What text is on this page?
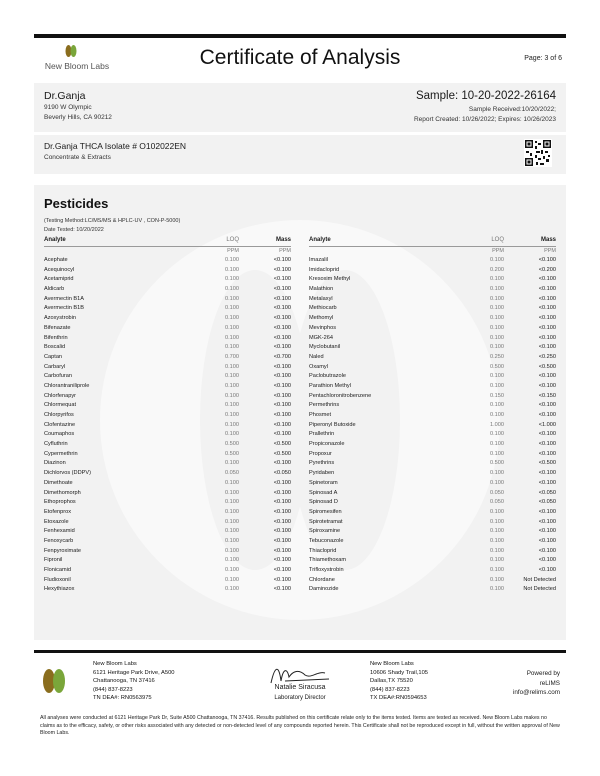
New Bloom Labs	Certificate of Analysis	Page: 3 of 6
Dr.Ganja
9190 W Olympic
Beverly Hills, CA 90212
Sample: 10-20-2022-26164
Sample Received:10/20/2022;
Report Created: 10/26/2022; Expires: 10/26/2023
Dr.Ganja THCA Isolate # O102022EN
Concentrate & Extracts
Pesticides
(Testing Method:LC/MS/MS & HPLC-UV , CON-P-5000)
Date Tested: 10/20/2022
Analyte	LOQ	Mass
PPM	PPM
Acephate	0.100	<0.100
Acequinocyl	0.100	<0.100
Acetamiprid	0.100	<0.100
Aldicarb	0.100	<0.100
Avermectin B1A	0.100	<0.100
Avermectin B1B	0.100	<0.100
Azoxystrobin	0.100	<0.100
Bifenazate	0.100	<0.100
Bifenthrin	0.100	<0.100
Boscalid	0.100	<0.100
Captan	0.700	<0.700
Carbaryl	0.100	<0.100
Carbofuran	0.100	<0.100
Chlorantraniliprole	0.100	<0.100
Chlorfenapyr	0.100	<0.100
Chlormequat	0.100	<0.100
Chlorpyrifos	0.100	<0.100
Clofentazine	0.100	<0.100
Coumaphos	0.100	<0.100
Cyfluthrin	0.500	<0.500
Cypermethrin	0.500	<0.500
Diazinon	0.100	<0.100
Dichlorvos (DDPV)	0.050	<0.050
Dimethoate	0.100	<0.100
Dimethomorph	0.100	<0.100
Ethoprophos	0.100	<0.100
Etofenprox	0.100	<0.100
Etoxazole	0.100	<0.100
Fenhexamid	0.100	<0.100
Fenoxycarb	0.100	<0.100
Fenpyroximate	0.100	<0.100
Fipronil	0.100	<0.100
Flonicamid	0.100	<0.100
Fludioxonil	0.100	<0.100
Hexythiazox	0.100	<0.100
Analyte	LOQ	Mass
PPM	PPM
Imazalil	0.100	<0.100
Imidacloprid	0.200	<0.200
Kresoxim Methyl	0.100	<0.100
Malathion	0.100	<0.100
Metalaxyl	0.100	<0.100
Methiocarb	0.100	<0.100
Methomyl	0.100	<0.100
Mevinphos	0.100	<0.100
MGK-264	0.100	<0.100
Myclobutanil	0.100	<0.100
Naled	0.250	<0.250
Oxamyl	0.500	<0.500
Paclobutrazole	0.100	<0.100
Parathion Methyl	0.100	<0.100
Pentachloronitrobenzene	0.150	<0.150
Permethrins	0.100	<0.100
Phosmet	0.100	<0.100
Piperonyl Butoxide	1.000	<1.000
Prallethrin	0.100	<0.100
Propiconazole	0.100	<0.100
Propoxur	0.100	<0.100
Pyrethrins	0.500	<0.500
Pyridaben	0.100	<0.100
Spinetoram	0.100	<0.100
Spinosad A	0.050	<0.050
Spinosad D	0.050	<0.050
Spiromesifen	0.100	<0.100
Spirotetramat	0.100	<0.100
Spiroxamine	0.100	<0.100
Tebuconazole	0.100	<0.100
Thiacloprid	0.100	<0.100
Thiamethoxam	0.100	<0.100
Trifloxystrobin	0.100	<0.100
Chlordane	0.100	Not Detected
Daminozide	0.100	Not Detected
New Bloom Labs
6121 Heritage Park Drive, A500
Chattanooga, TN 37416
(844) 837-8223
TN DEA#: RN0563975
Natalie Siracusa
Laboratory Director
New Bloom Labs
10606 Shady Trail,105
Dallas,TX 75520
(844) 837-8223
TX DEA#:RN0594653
Powered by
reLIMS
info@relims.com
All analyses were conducted at 6121 Heritage Park Dr, Suite A500 Chattanooga, TN 37416. Results published on this certificate relate only to the items tested. Items are tested as received. New Bloom Labs makes no claims as to the efficacy, safety, or other risks associated with any detected or non-detected level of any compounds reported herein. This Certificate shall not be reproduced except in full, without the written approval of New Bloom Labs.
